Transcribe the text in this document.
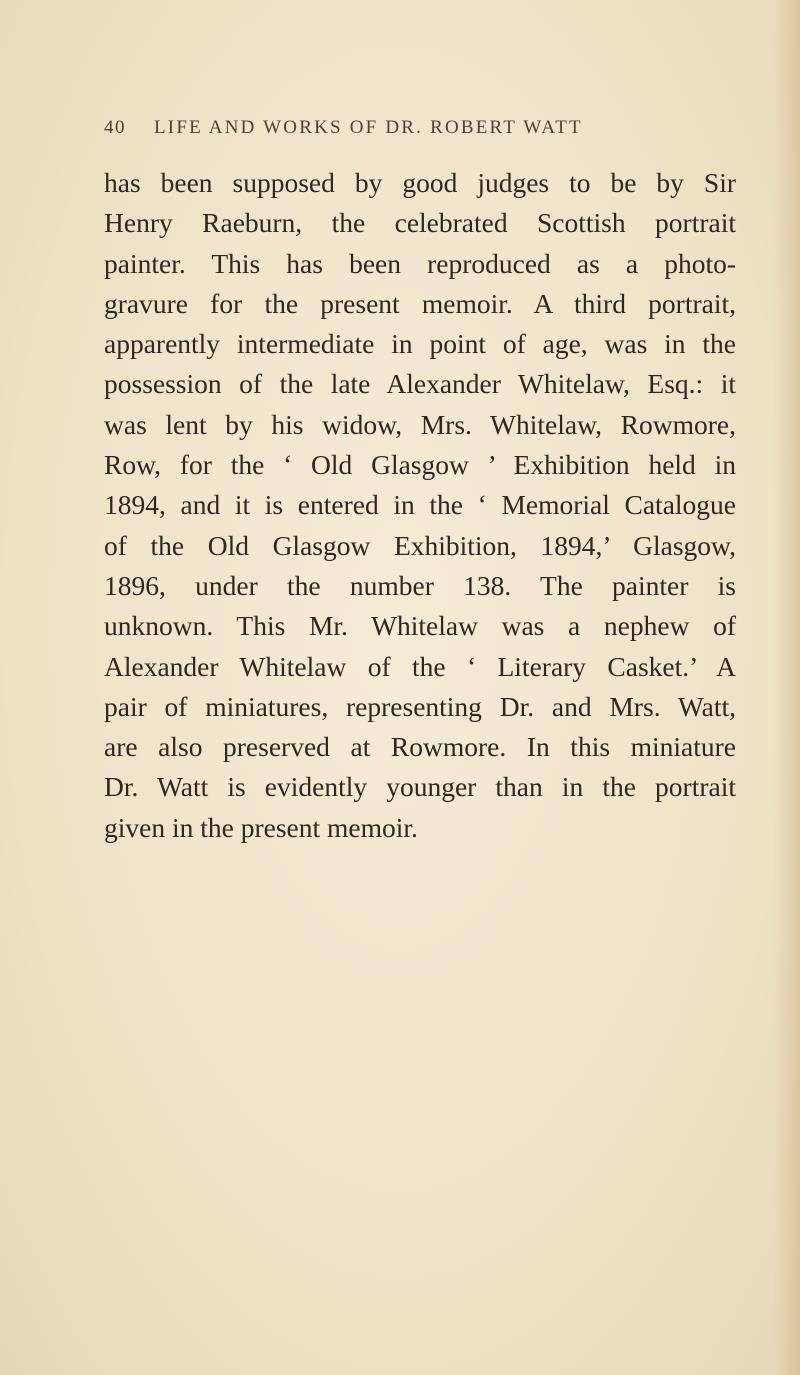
40 LIFE AND WORKS OF DR. ROBERT WATT
has been supposed by good judges to be by Sir
Henry Raeburn, the celebrated Scottish portrait
painter. This has been reproduced as a photo-
gravure for the present memoir. A third portrait,
apparently intermediate in point of age, was in the
possession of the late Alexander Whitelaw, Esq.: it
was lent by his widow, Mrs. Whitelaw, Rowmore,
Row, for the ‘ Old Glasgow ’ Exhibition held in
1894, and it is entered in the ‘ Memorial Catalogue
of the Old Glasgow Exhibition, 1894,’ Glasgow,
1896, under the number 138. The painter is
unknown. This Mr. Whitelaw was a nephew of
Alexander Whitelaw of the ‘ Literary Casket.’ A
pair of miniatures, representing Dr. and Mrs. Watt,
are also preserved at Rowmore. In this miniature
Dr. Watt is evidently younger than in the portrait
given in the present memoir.
